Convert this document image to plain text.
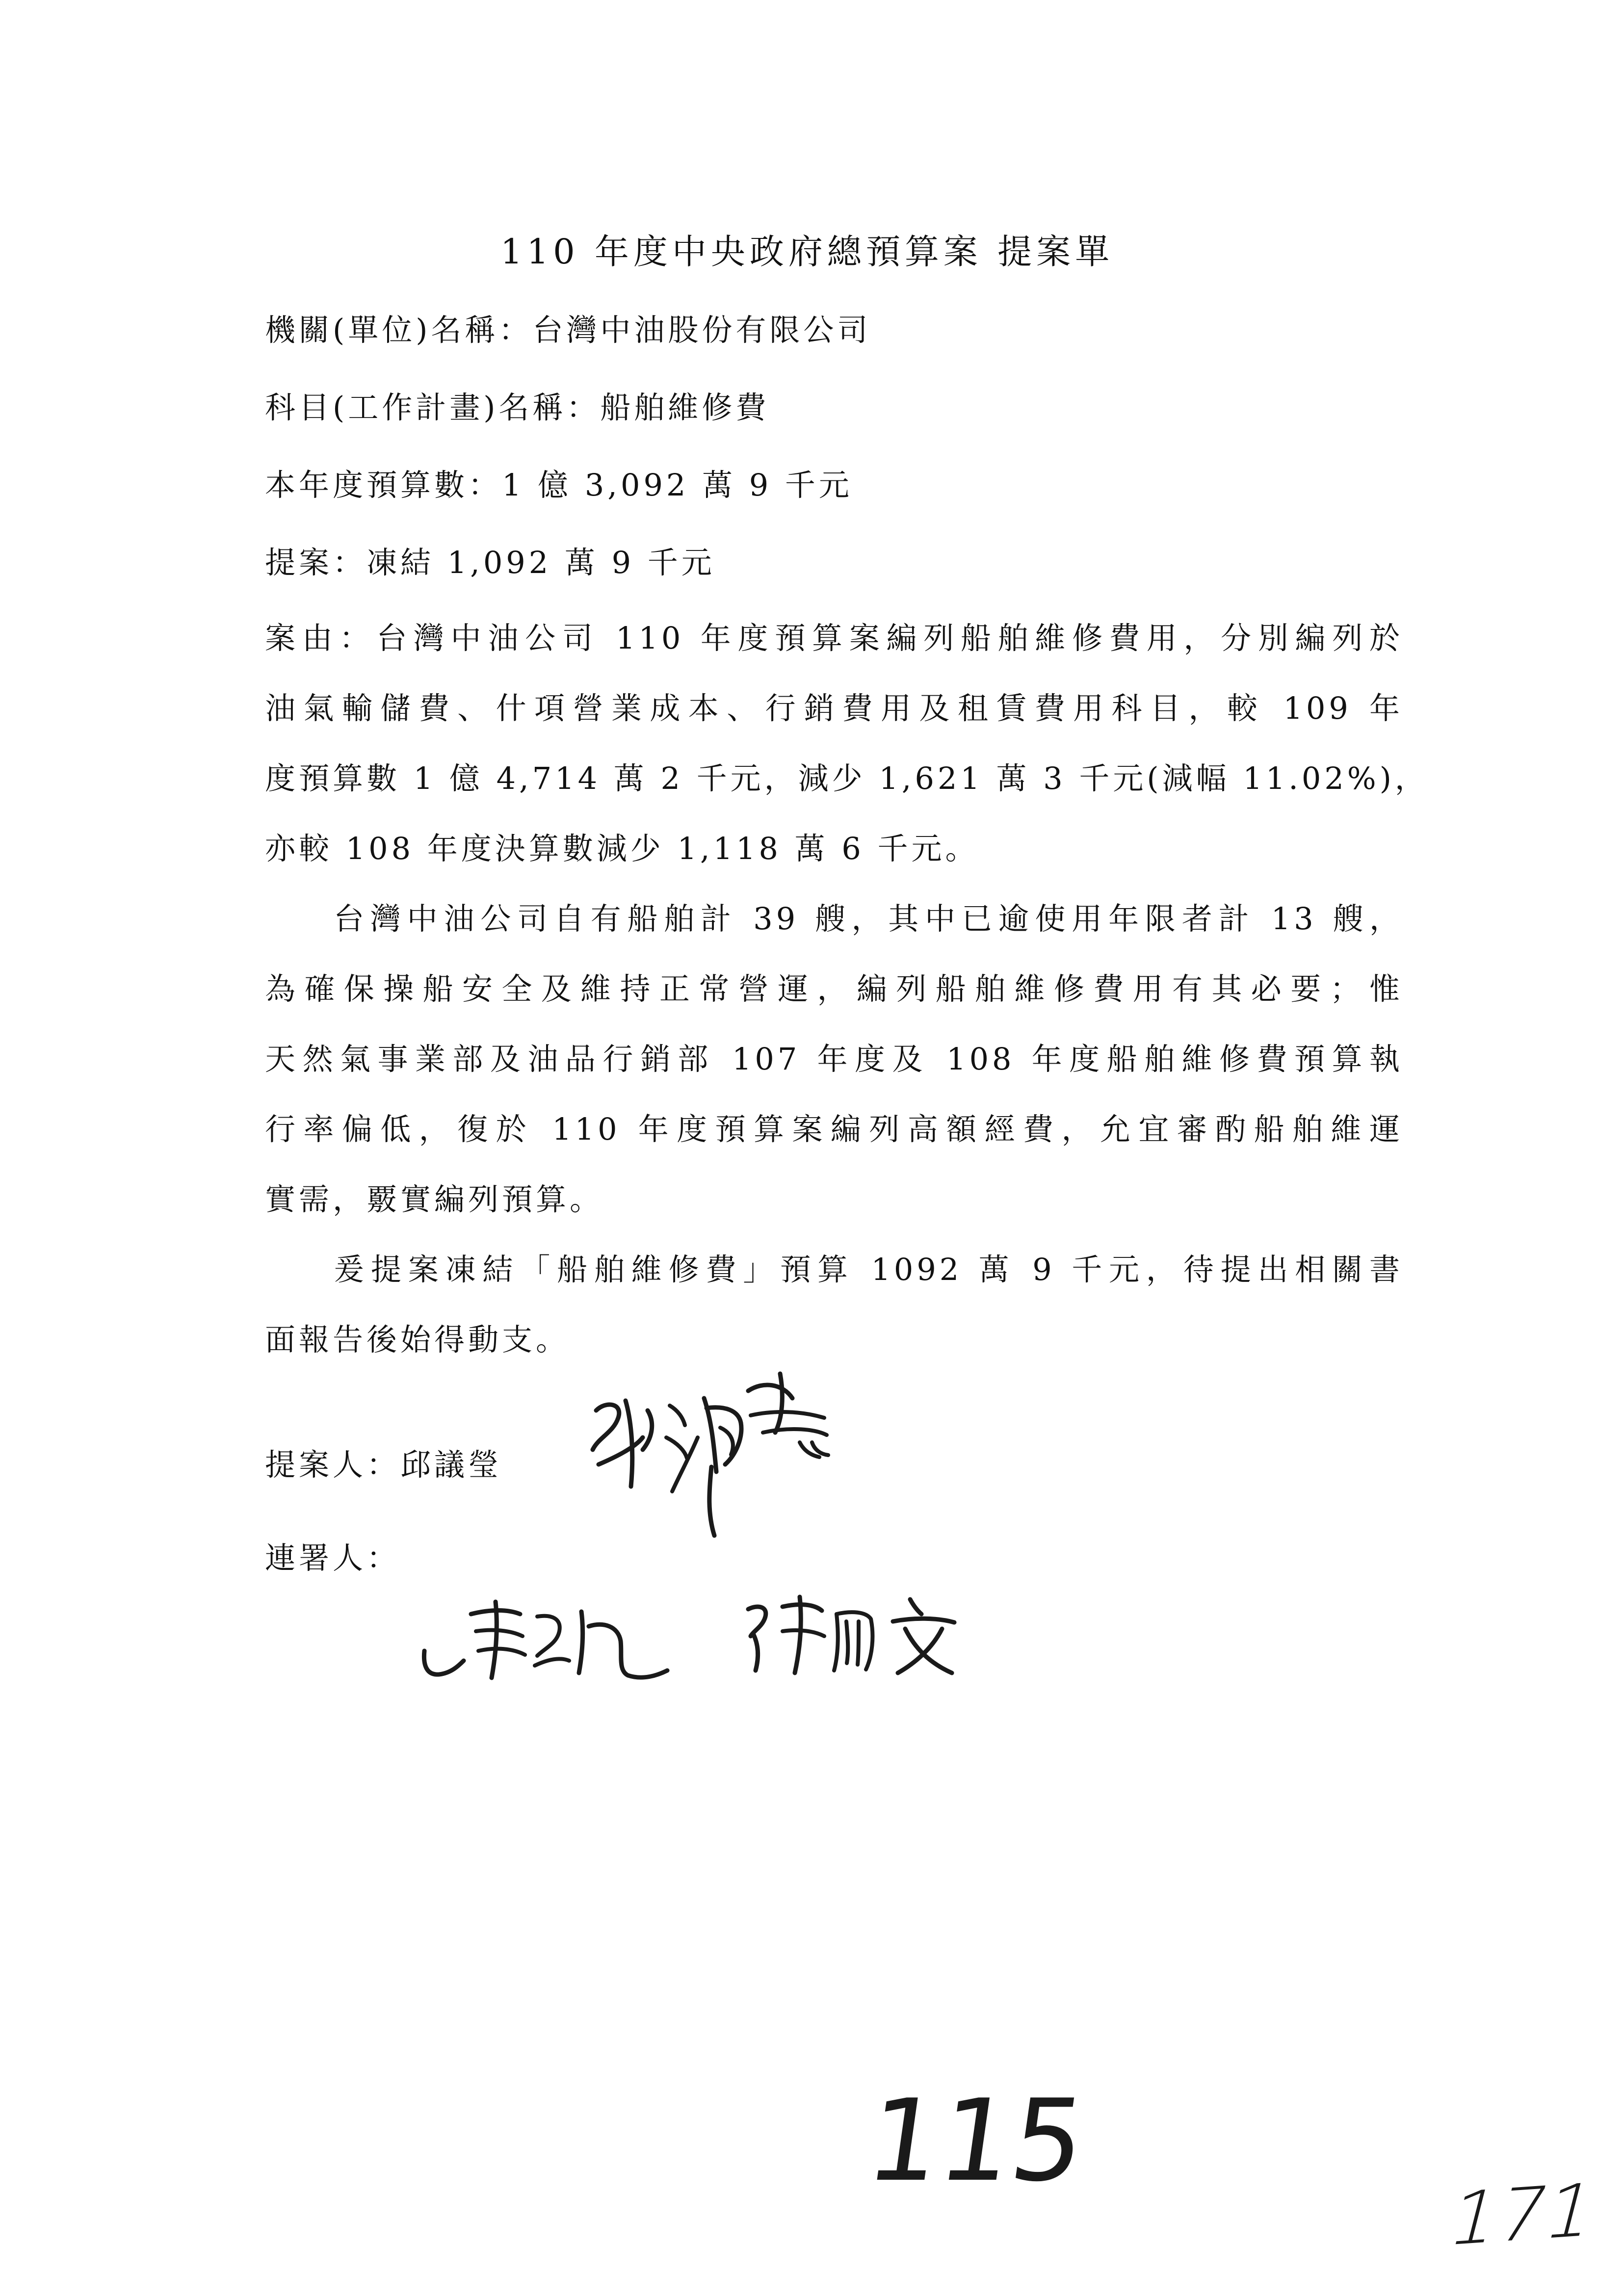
110 年度中央政府總預算案 提案單
機關(單位)名稱：台灣中油股份有限公司
科目(工作計畫)名稱：船舶維修費
本年度預算數：1 億 3,092 萬 9 千元
提案：凍結 1,092 萬 9 千元
案由：台灣中油公司 110 年度預算案編列船舶維修費用，分別編列於
油氣輸儲費、什項營業成本、行銷費用及租賃費用科目，較 109 年
度預算數 1 億 4,714 萬 2 千元，減少 1,621 萬 3 千元(減幅 11.02%)，
亦較 108 年度決算數減少 1,118 萬 6 千元。
台灣中油公司自有船舶計 39 艘，其中已逾使用年限者計 13 艘，
為確保操船安全及維持正常營運，編列船舶維修費用有其必要；惟
天然氣事業部及油品行銷部 107 年度及 108 年度船舶維修費預算執
行率偏低，復於 110 年度預算案編列高額經費，允宜審酌船舶維運
實需，覈實編列預算。
爰提案凍結「船舶維修費」預算 1092 萬 9 千元，待提出相關書
面報告後始得動支。
提案人：邱議瑩
連署人：
115
171
